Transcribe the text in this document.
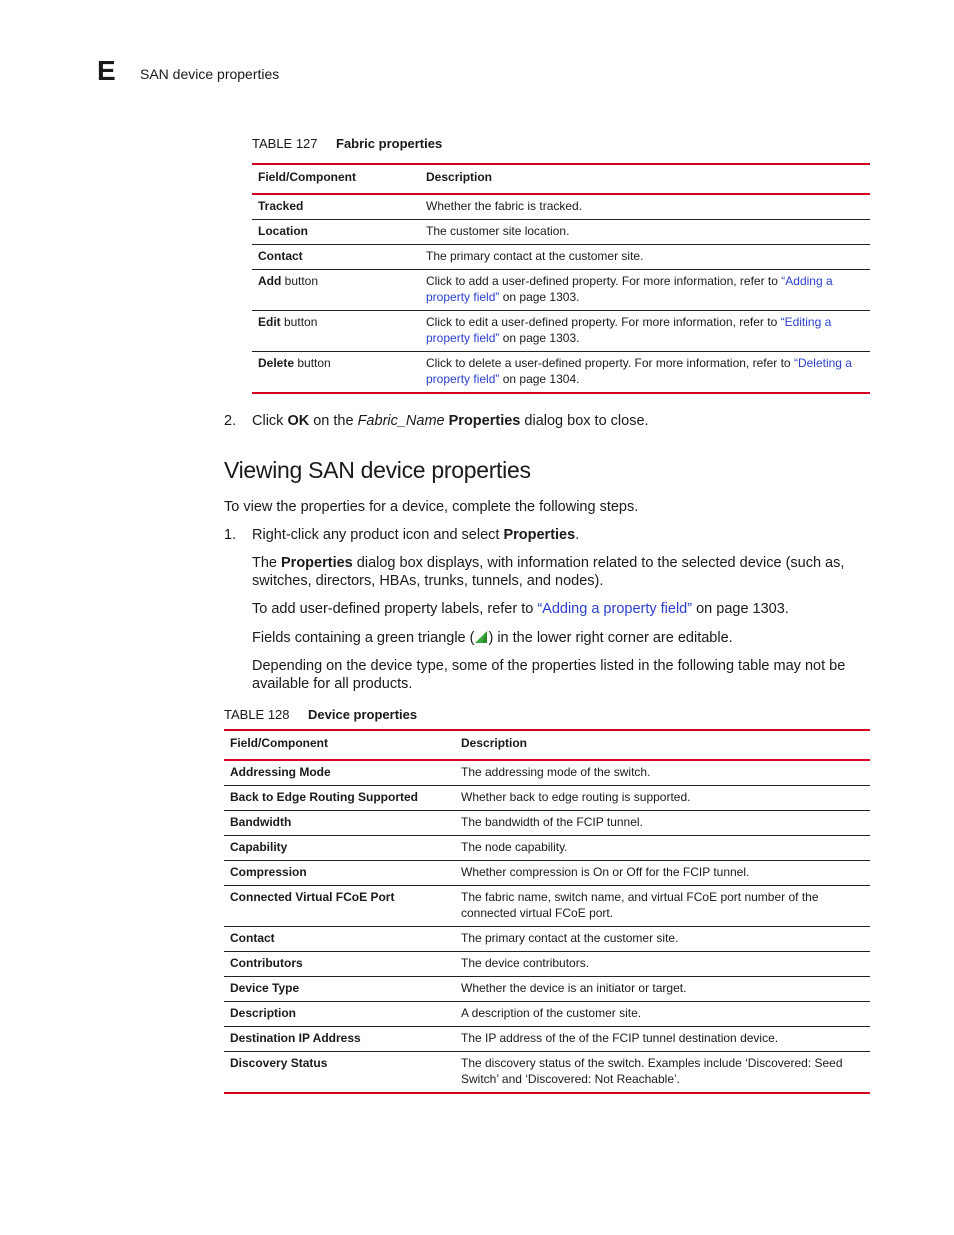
E SAN device properties
TABLE 127 Fabric properties
Field/Component	Description
Tracked	Whether the fabric is tracked.
Location	The customer site location.
Contact	The primary contact at the customer site.
Add button	Click to add a user-defined property. For more information, refer to “Adding a property field” on page 1303.
Edit button	Click to edit a user-defined property. For more information, refer to “Editing a property field” on page 1303.
Delete button	Click to delete a user-defined property. For more information, refer to “Deleting a property field” on page 1304.

2. Click OK on the Fabric_Name Properties dialog box to close.

Viewing SAN device properties

To view the properties for a device, complete the following steps.

1. Right-click any product icon and select Properties.

The Properties dialog box displays, with information related to the selected device (such as, switches, directors, HBAs, trunks, tunnels, and nodes).

To add user-defined property labels, refer to “Adding a property field” on page 1303.

Fields containing a green triangle ( ) in the lower right corner are editable.

Depending on the device type, some of the properties listed in the following table may not be available for all products.

TABLE 128 Device properties
Field/Component	Description
Addressing Mode	The addressing mode of the switch.
Back to Edge Routing Supported	Whether back to edge routing is supported.
Bandwidth	The bandwidth of the FCIP tunnel.
Capability	The node capability.
Compression	Whether compression is On or Off for the FCIP tunnel.
Connected Virtual FCoE Port	The fabric name, switch name, and virtual FCoE port number of the connected virtual FCoE port.
Contact	The primary contact at the customer site.
Contributors	The device contributors.
Device Type	Whether the device is an initiator or target.
Description	A description of the customer site.
Destination IP Address	The IP address of the of the FCIP tunnel destination device.
Discovery Status	The discovery status of the switch. Examples include ‘Discovered: Seed Switch’ and ‘Discovered: Not Reachable’.
